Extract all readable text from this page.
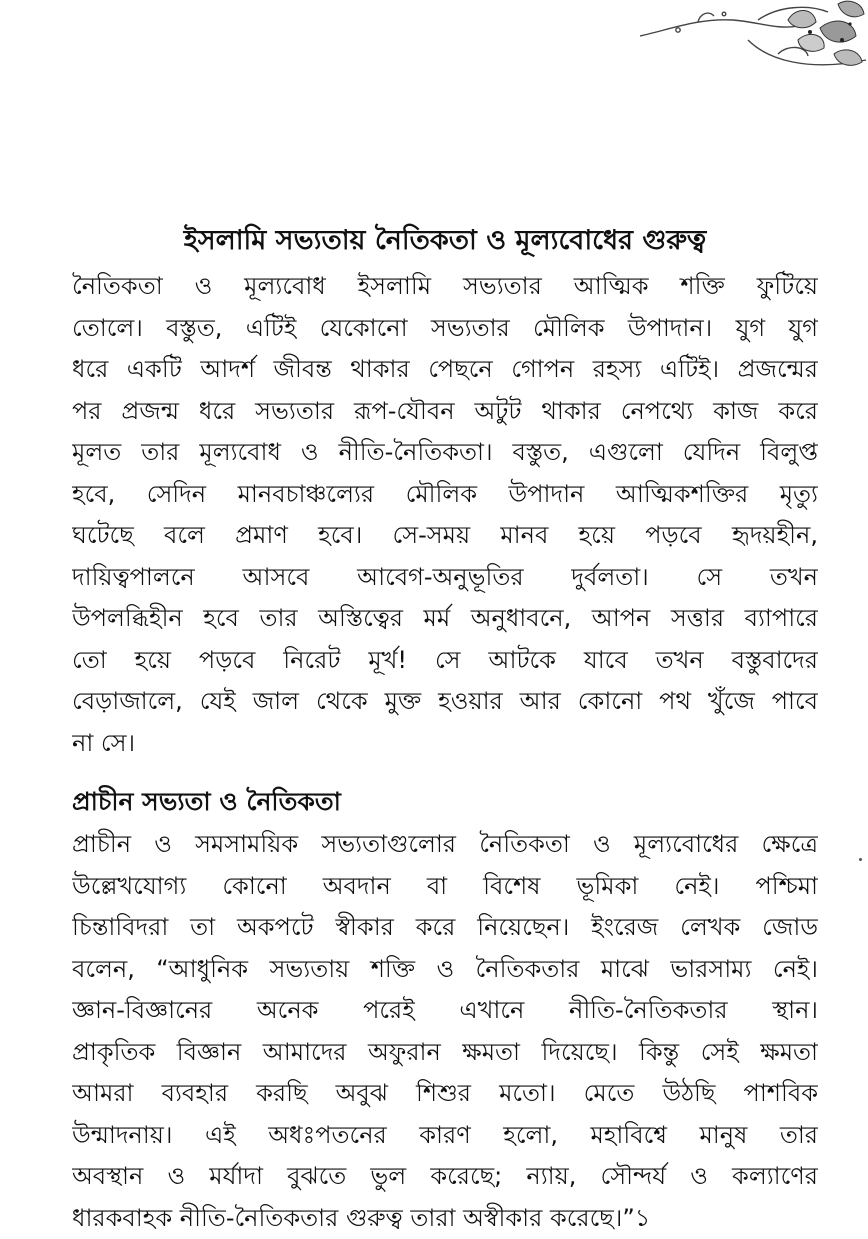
ইসলামি সভ্যতায় নৈতিকতা ও মূল্যবোধের গুরুত্ব
নৈতিকতা ও মূল্যবোধ ইসলামি সভ্যতার আত্মিক শক্তি ফুটিয়ে
তোলে। বস্তুত, এটিই যেকোনো সভ্যতার মৌলিক উপাদান। যুগ যুগ
ধরে একটি আদর্শ জীবন্ত থাকার পেছনে গোপন রহস্য এটিই। প্রজন্মের
পর প্রজন্ম ধরে সভ্যতার রূপ-যৌবন অটুট থাকার নেপথ্যে কাজ করে
মূলত তার মূল্যবোধ ও নীতি-নৈতিকতা। বস্তুত, এগুলো যেদিন বিলুপ্ত
হবে, সেদিন মানবচাঞ্চল্যের মৌলিক উপাদান আত্মিকশক্তির মৃত্যু
ঘটেছে বলে প্রমাণ হবে। সে-সময় মানব হয়ে পড়বে হৃদয়হীন,
দায়িত্বপালনে আসবে আবেগ-অনুভূতির দুর্বলতা। সে তখন
উপলব্ধিহীন হবে তার অস্তিত্বের মর্ম অনুধাবনে, আপন সত্তার ব্যাপারে
তো হয়ে পড়বে নিরেট মূর্খ! সে আটকে যাবে তখন বস্তুবাদের
বেড়াজালে, যেই জাল থেকে মুক্ত হওয়ার আর কোনো পথ খুঁজে পাবে
না সে।
প্রাচীন সভ্যতা ও নৈতিকতা
প্রাচীন ও সমসাময়িক সভ্যতাগুলোর নৈতিকতা ও মূল্যবোধের ক্ষেত্রে
উল্লেখযোগ্য কোনো অবদান বা বিশেষ ভূমিকা নেই। পশ্চিমা
চিন্তাবিদরা তা অকপটে স্বীকার করে নিয়েছেন। ইংরেজ লেখক জোড
বলেন, “আধুনিক সভ্যতায় শক্তি ও নৈতিকতার মাঝে ভারসাম্য নেই।
জ্ঞান-বিজ্ঞানের অনেক পরেই এখানে নীতি-নৈতিকতার স্থান।
প্রাকৃতিক বিজ্ঞান আমাদের অফুরান ক্ষমতা দিয়েছে। কিন্তু সেই ক্ষমতা
আমরা ব্যবহার করছি অবুঝ শিশুর মতো। মেতে উঠছি পাশবিক
উন্মাদনায়। এই অধঃপতনের কারণ হলো, মহাবিশ্বে মানুষ তার
অবস্থান ও মর্যাদা বুঝতে ভুল করেছে; ন্যায়, সৌন্দর্য ও কল্যাণের
ধারকবাহক নীতি-নৈতিকতার গুরুত্ব তারা অস্বীকার করেছে।”১
